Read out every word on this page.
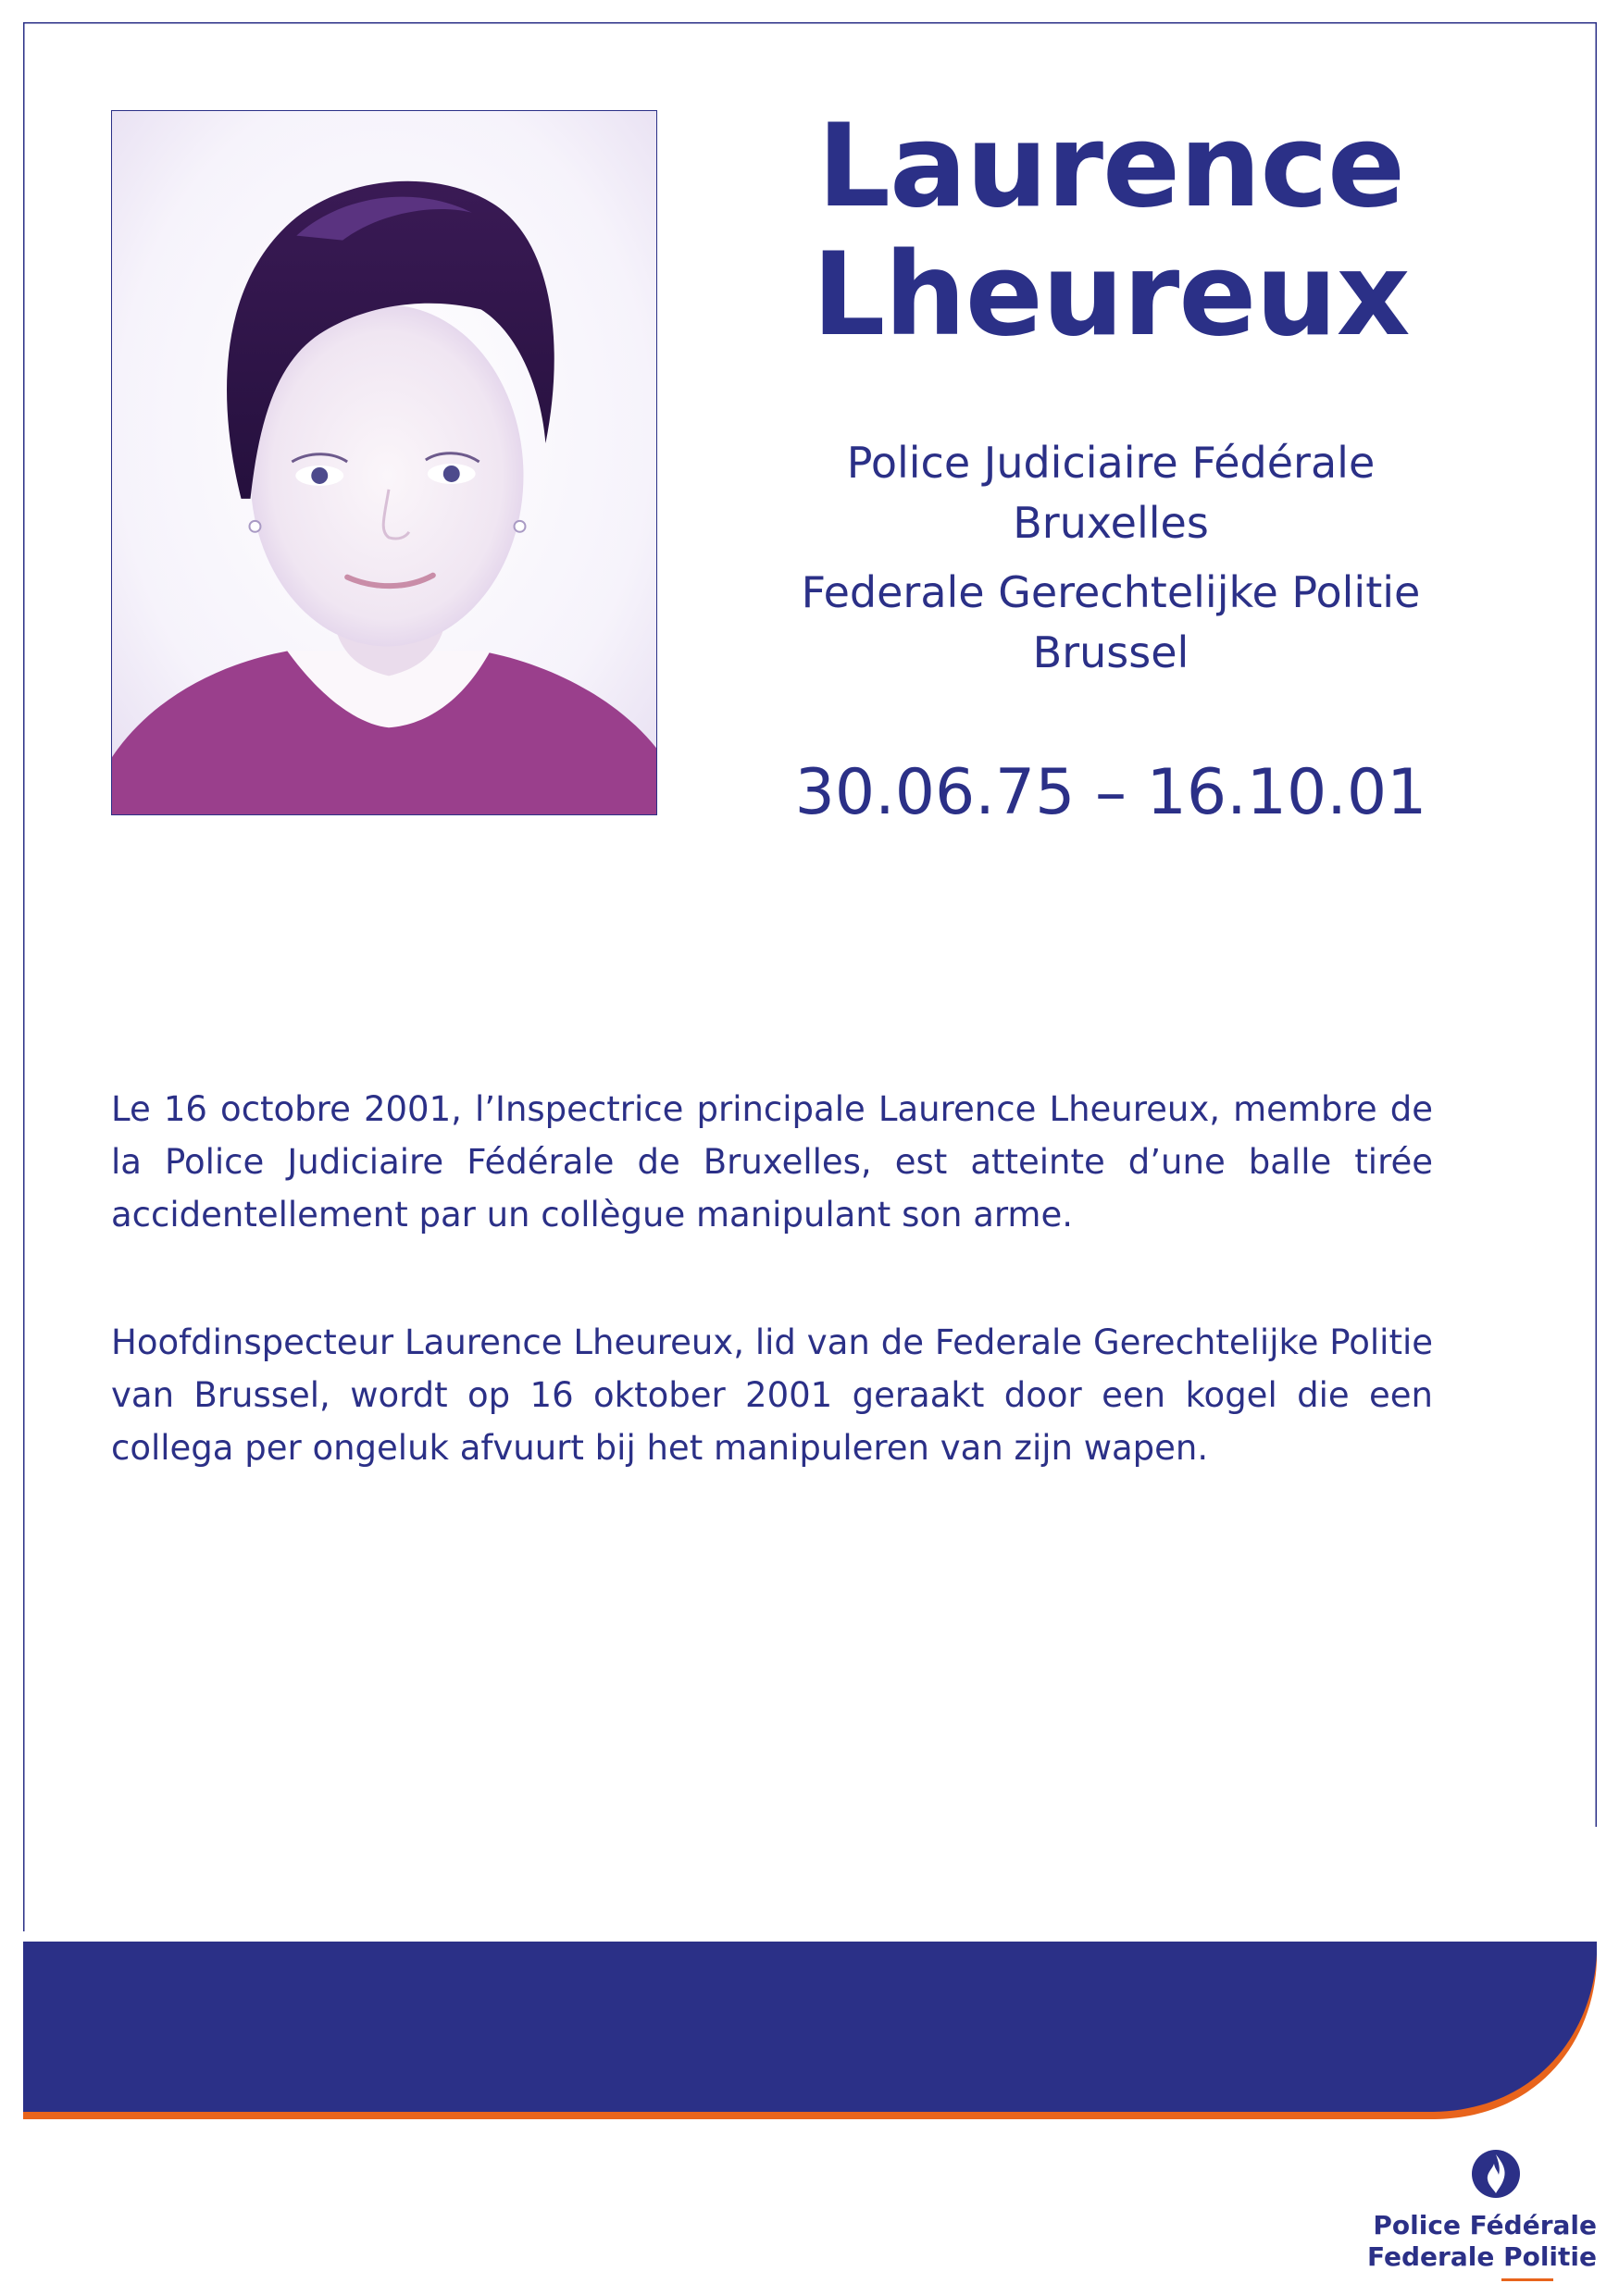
Laurence
Lheureux

Police Judiciaire Fédérale

Bruxelles

Federale Gerechtelijke Politie

Brussel

30.06.75 – 16.10.01

Le 16 octobre 2001, l’Inspectrice principale Laurence Lheureux, membre de la Police Judiciaire Fédérale de Bruxelles, est atteinte d’une balle tirée accidentellement par un collègue manipulant son arme.

Hoofdinspecteur Laurence Lheureux, lid van de Federale Gerechtelijke Politie van Brussel, wordt op 16 oktober 2001 geraakt door een kogel die een collega per ongeluk afvuurt bij het manipuleren van zijn wapen.

Police Fédérale
Federale Politie
